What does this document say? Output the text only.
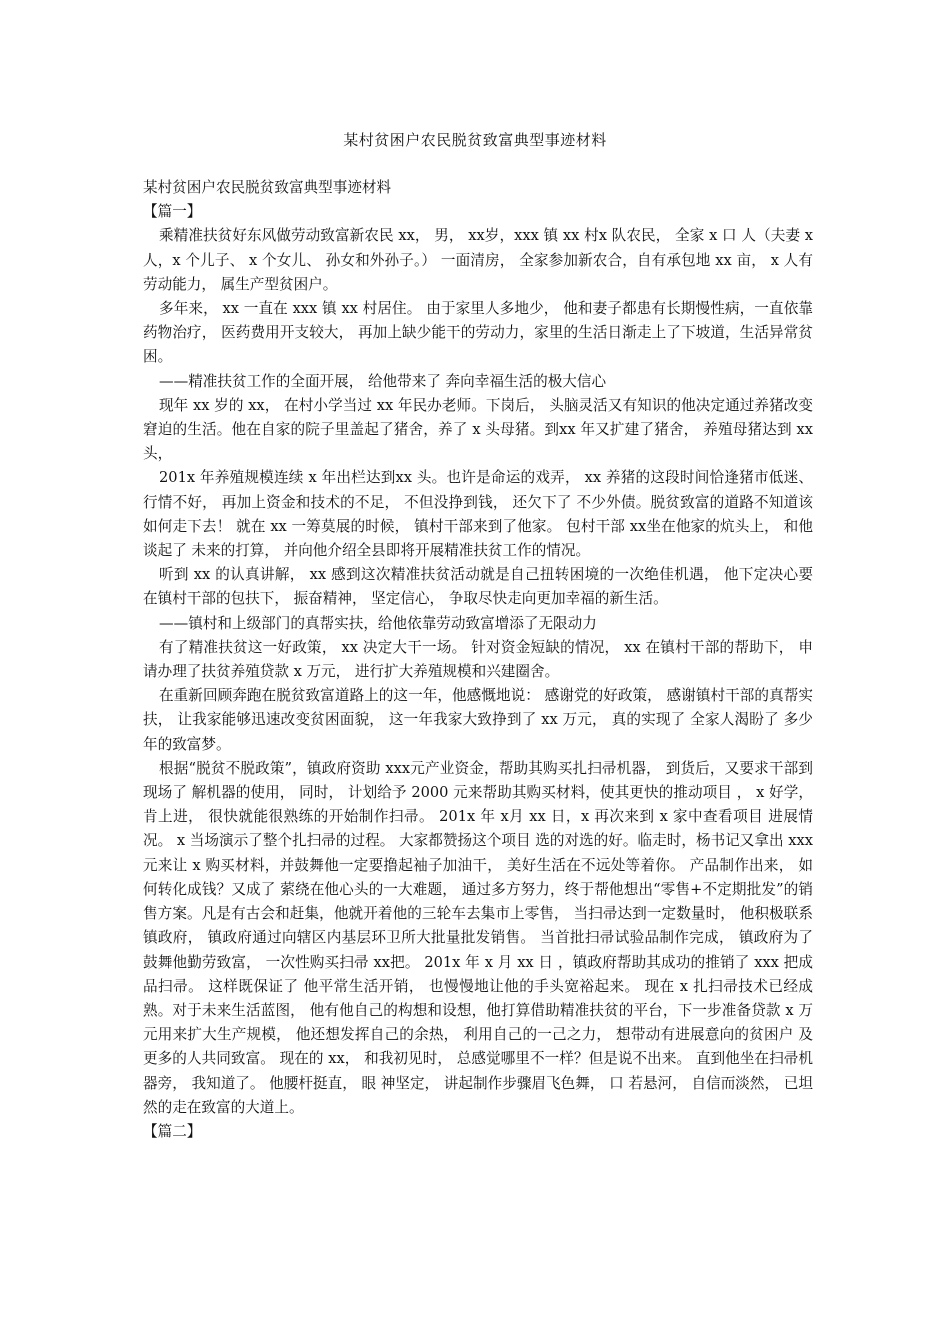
某村贫困户农民脱贫致富典型事迹材料

某村贫困户农民脱贫致富典型事迹材料

【篇一】

乘精准扶贫好东风做劳动致富新农民 xx， 男， xx岁，xxx 镇 xx 村x 队农民， 全家 x 口 人（夫妻 x人，x 个儿子、 x 个女儿、 孙女和外孙子。） 一面清房， 全家参加新农合，自有承包地 xx 亩， x 人有劳动能力， 属生产型贫困户。

多年来， xx 一直在 xxx 镇 xx 村居住。 由于家里人多地少， 他和妻子都患有长期慢性病，一直依靠药物治疗， 医药费用开支较大， 再加上缺少能干的劳动力，家里的生活日渐走上了下坡道，生活异常贫困。

——精准扶贫工作的全面开展， 给他带来了 奔向幸福生活的极大信心

现年 xx 岁的 xx， 在村小学当过 xx 年民办老师。下岗后， 头脑灵活又有知识的他决定通过养猪改变窘迫的生活。他在自家的院子里盖起了猪舍，养了 x 头母猪。到xx 年又扩建了猪舍， 养殖母猪达到 xx 头，

201x 年养殖规模连续 x 年出栏达到xx 头。也许是命运的戏弄， xx 养猪的这段时间恰逢猪市低迷、 行情不好， 再加上资金和技术的不足， 不但没挣到钱， 还欠下了 不少外债。脱贫致富的道路不知道该如何走下去！ 就在 xx 一筹莫展的时候， 镇村干部来到了他家。 包村干部 xx坐在他家的炕头上， 和他谈起了 未来的打算， 并向他介绍全县即将开展精准扶贫工作的情况。

听到 xx 的认真讲解， xx 感到这次精准扶贫活动就是自己扭转困境的一次绝佳机遇， 他下定决心要在镇村干部的包扶下， 振奋精神， 坚定信心， 争取尽快走向更加幸福的新生活。

——镇村和上级部门的真帮实扶，给他依靠劳动致富增添了无限动力

有了精准扶贫这一好政策， xx 决定大干一场。 针对资金短缺的情况， xx 在镇村干部的帮助下， 申请办理了扶贫养殖贷款 x 万元， 进行扩大养殖规模和兴建圈舍。

在重新回顾奔跑在脱贫致富道路上的这一年，他感慨地说： 感谢党的好政策， 感谢镇村干部的真帮实扶， 让我家能够迅速改变贫困面貌， 这一年我家大致挣到了 xx 万元， 真的实现了 全家人渴盼了 多少年的致富梦。

根据“脱贫不脱政策”，镇政府资助 xxx元产业资金，帮助其购买扎扫帚机器， 到货后，又要求干部到现场了 解机器的使用， 同时， 计划给予 2000 元来帮助其购买材料，使其更快的推动项目 ， x 好学，肯上进， 很快就能很熟练的开始制作扫帚。 201x 年 x月 xx 日，x 再次来到 x 家中查看项目 进展情况。 x 当场演示了整个扎扫帚的过程。 大家都赞扬这个项目 选的对选的好。临走时，杨书记又拿出 xxx元来让 x 购买材料，并鼓舞他一定要撸起袖子加油干， 美好生活在不远处等着你。 产品制作出来， 如何转化成钱？又成了 萦绕在他心头的一大难题， 通过多方努力，终于帮他想出“零售+不定期批发”的销售方案。凡是有古会和赶集，他就开着他的三轮车去集市上零售， 当扫帚达到一定数量时， 他积极联系镇政府， 镇政府通过向辖区内基层环卫所大批量批发销售。 当首批扫帚试验品制作完成， 镇政府为了 鼓舞他勤劳致富， 一次性购买扫帚 xx把。 201x 年 x 月 xx 日 ，镇政府帮助其成功的推销了 xxx 把成品扫帚。 这样既保证了 他平常生活开销， 也慢慢地让他的手头宽裕起来。 现在 x 扎扫帚技术已经成熟。对于未来生活蓝图， 他有他自己的构想和设想，他打算借助精准扶贫的平台，下一步准备贷款 x 万元用来扩大生产规模， 他还想发挥自己的余热， 利用自己的一己之力， 想带动有进展意向的贫困户 及更多的人共同致富。 现在的 xx， 和我初见时， 总感觉哪里不一样？但是说不出来。 直到他坐在扫帚机器旁， 我知道了。 他腰杆挺直， 眼 神坚定， 讲起制作步骤眉飞色舞， 口 若悬河， 自信而淡然， 已坦然的走在致富的大道上。

【篇二】
